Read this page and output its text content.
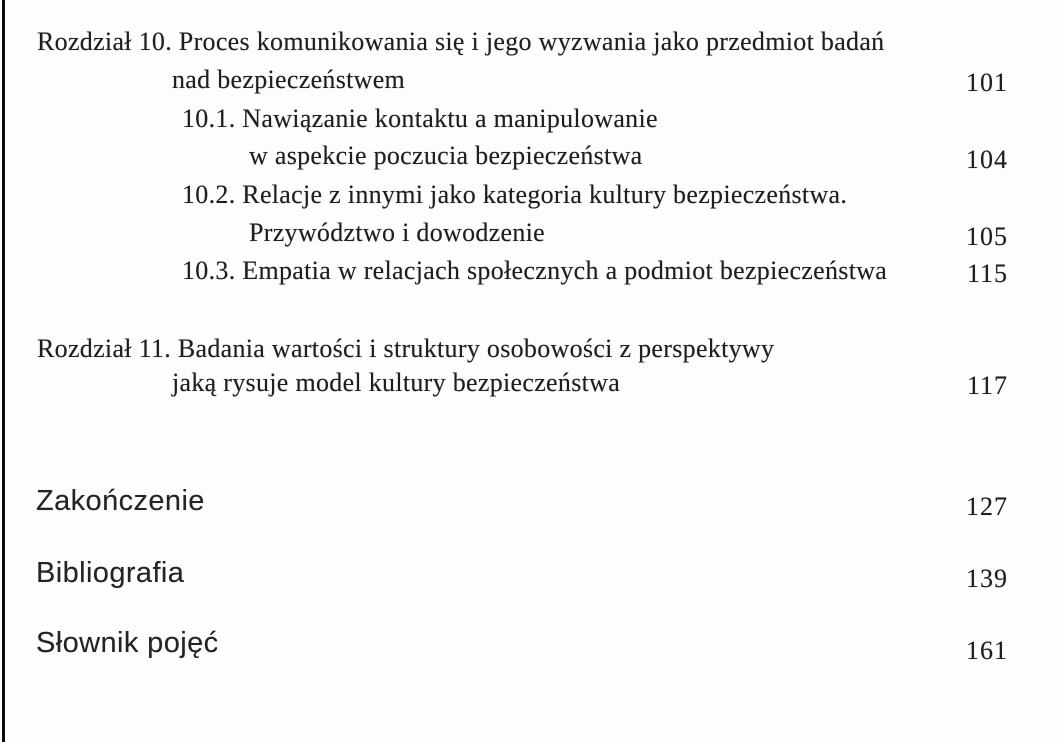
Rozdział 10. Proces komunikowania się i jego wyzwania jako przedmiot badań
nad bezpieczeństwem	101
10.1. Nawiązanie kontaktu a manipulowanie
w aspekcie poczucia bezpieczeństwa	104
10.2. Relacje z innymi jako kategoria kultury bezpieczeństwa.
Przywództwo i dowodzenie	105
10.3. Empatia w relacjach społecznych a podmiot bezpieczeństwa	115
Rozdział 11. Badania wartości i struktury osobowości z perspektywy
jaką rysuje model kultury bezpieczeństwa	117
Zakończenie	127
Bibliografia	139
Słownik pojęć	161
